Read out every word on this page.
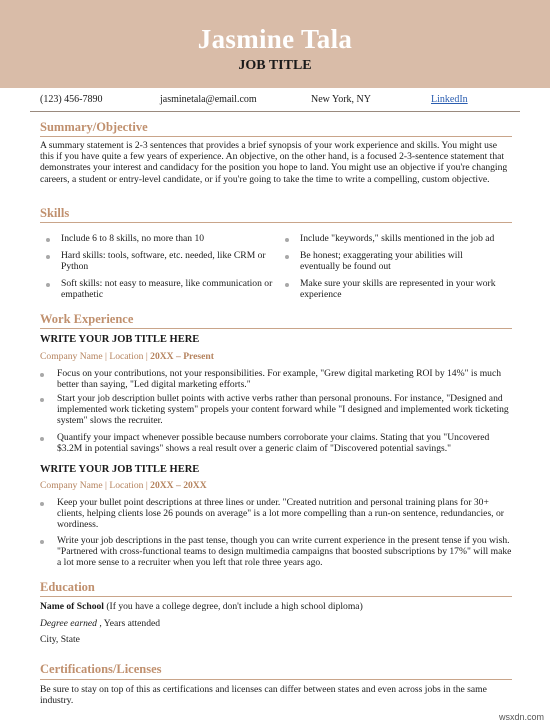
Jasmine Tala
JOB TITLE
(123) 456-7890	jasminetala@email.com	New York, NY	LinkedIn
Summary/Objective
A summary statement is 2-3 sentences that provides a brief synopsis of your work experience and skills. You might use this if you have quite a few years of experience. An objective, on the other hand, is a focused 2-3-sentence statement that demonstrates your interest and candidacy for the position you hope to land. You might use an objective if you're changing careers, a student or entry-level candidate, or if you're going to take the time to write a compelling, custom objective.
Skills
Include 6 to 8 skills, no more than 10
Hard skills: tools, software, etc. needed, like CRM or Python
Soft skills: not easy to measure, like communication or empathetic
Include "keywords," skills mentioned in the job ad
Be honest; exaggerating your abilities will eventually be found out
Make sure your skills are represented in your work experience
Work Experience
WRITE YOUR JOB TITLE HERE
Company Name | Location | 20XX – Present
Focus on your contributions, not your responsibilities. For example, "Grew digital marketing ROI by 14%" is much better than saying, "Led digital marketing efforts."
Start your job description bullet points with active verbs rather than personal pronouns. For instance, "Designed and implemented work ticketing system" propels your content forward while "I designed and implemented work ticketing system" slows the recruiter.
Quantify your impact whenever possible because numbers corroborate your claims. Stating that you "Uncovered $3.2M in potential savings" shows a real result over a generic claim of "Discovered potential savings."
WRITE YOUR JOB TITLE HERE
Company Name | Location | 20XX – 20XX
Keep your bullet point descriptions at three lines or under. "Created nutrition and personal training plans for 30+ clients, helping clients lose 26 pounds on average" is a lot more compelling than a run-on sentence, redundancies, or wordiness.
Write your job descriptions in the past tense, though you can write current experience in the present tense if you wish. "Partnered with cross-functional teams to design multimedia campaigns that boosted subscriptions by 17%" will make a lot more sense to a recruiter when you left that role three years ago.
Education
Name of School (If you have a college degree, don't include a high school diploma)
Degree earned , Years attended
City, State
Certifications/Licenses
Be sure to stay on top of this as certifications and licenses can differ between states and even across jobs in the same industry.
wsxdn.com
